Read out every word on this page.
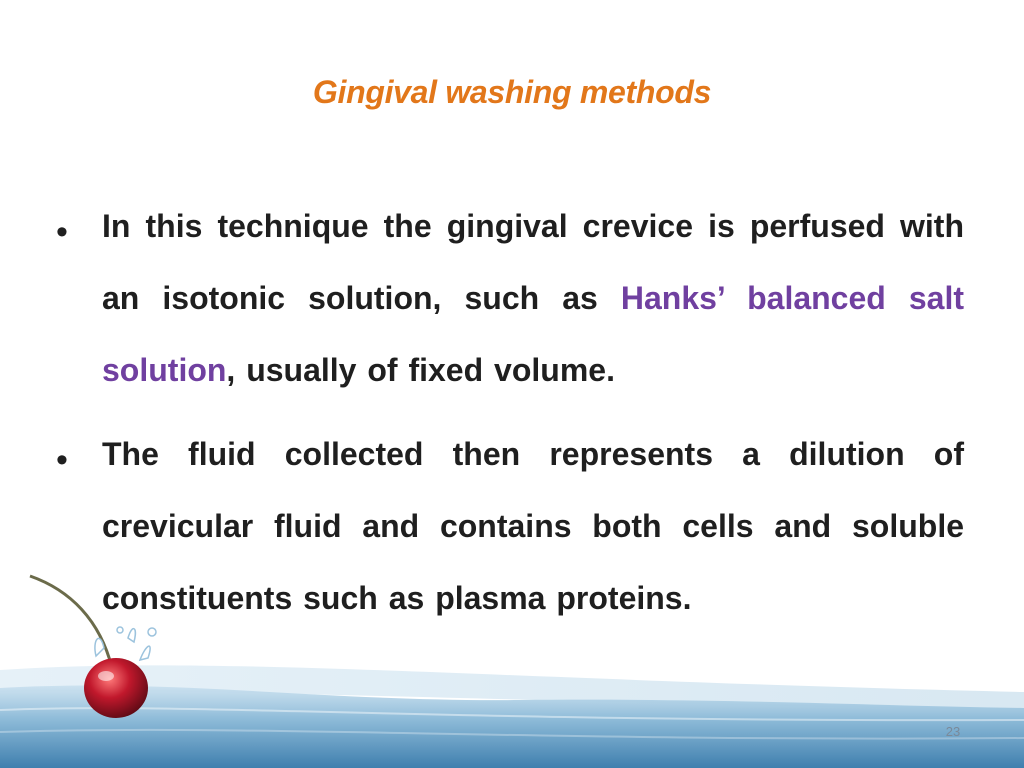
Gingival washing methods
• In this technique the gingival crevice is perfused with an isotonic solution, such as Hanks’ balanced salt solution, usually of fixed volume.
• The fluid collected then represents a dilution of crevicular fluid and contains both cells and soluble constituents such as plasma proteins.
23
